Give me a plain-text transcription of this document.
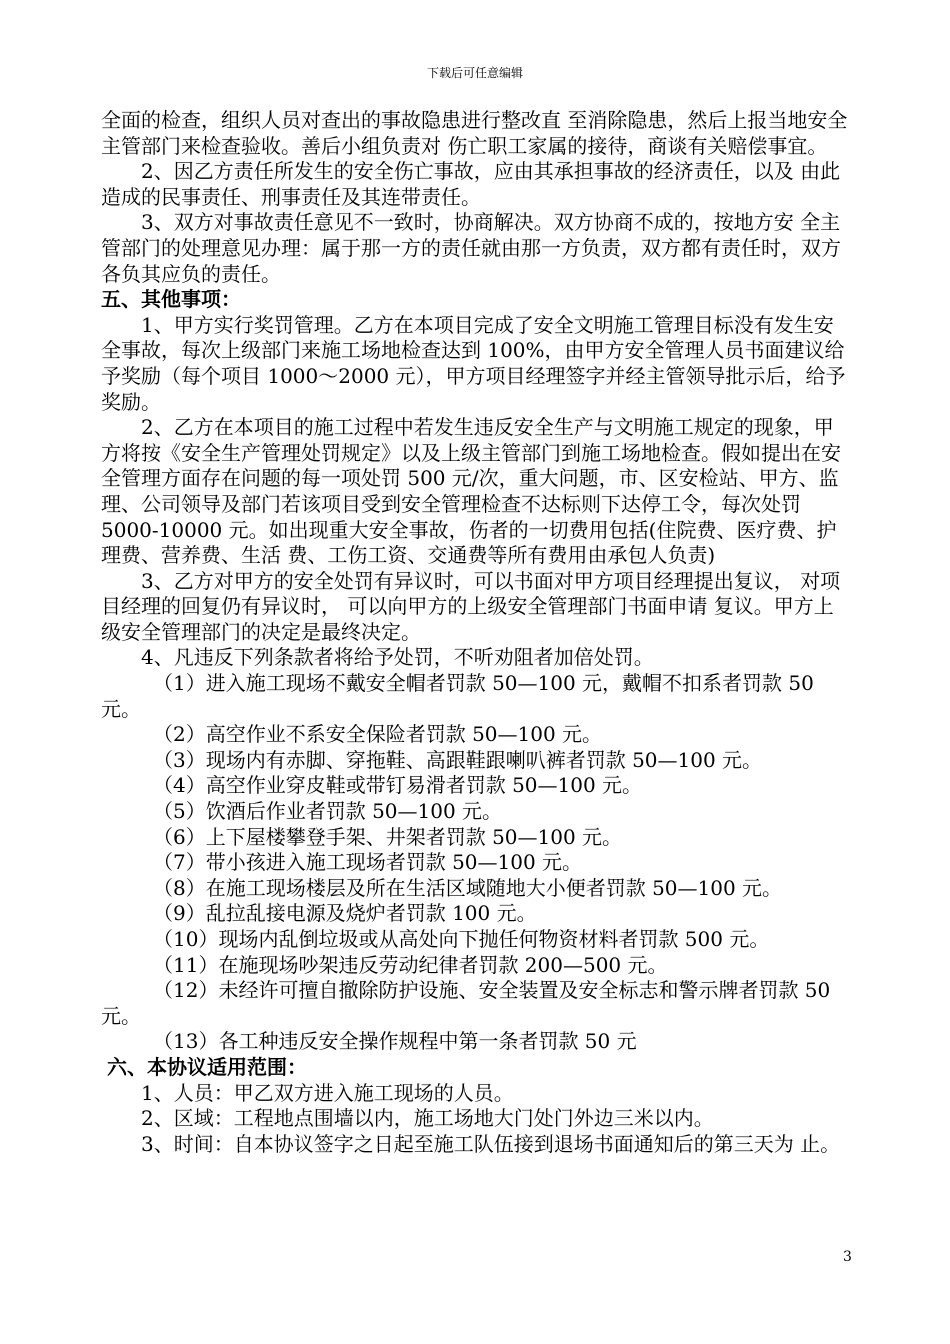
下载后可任意编辑

全面的检查，组织人员对查出的事故隐患进行整改直 至消除隐患，然后上报当地安全主管部门来检查验收。善后小组负责对 伤亡职工家属的接待，商谈有关赔偿事宜。

2、因乙方责任所发生的安全伤亡事故，应由其承担事故的经济责任，以及 由此造成的民事责任、刑事责任及其连带责任。

3、双方对事故责任意见不一致时，协商解决。双方协商不成的，按地方安 全主管部门的处理意见办理：属于那一方的责任就由那一方负责，双方都有责任时，双方各负其应负的责任。

五、其他事项：

1、甲方实行奖罚管理。乙方在本项目完成了安全文明施工管理目标没有发生安全事故，每次上级部门来施工场地检查达到 100%，由甲方安全管理人员书面建议给予奖励（每个项目 1000～2000 元），甲方项目经理签字并经主管领导批示后，给予奖励。

2、乙方在本项目的施工过程中若发生违反安全生产与文明施工规定的现象，甲方将按《安全生产管理处罚规定》以及上级主管部门到施工场地检查。假如提出在安全管理方面存在问题的每一项处罚 500 元/次，重大问题，市、区安检站、甲方、监理、公司领导及部门若该项目受到安全管理检查不达标则下达停工令，每次处罚 5000-10000 元。如出现重大安全事故，伤者的一切费用包括(住院费、医疗费、护理费、营养费、生活 费、工伤工资、交通费等所有费用由承包人负责)

3、乙方对甲方的安全处罚有异议时，可以书面对甲方项目经理提出复议， 对项目经理的回复仍有异议时， 可以向甲方的上级安全管理部门书面申请 复议。甲方上级安全管理部门的决定是最终决定。

4、凡违反下列条款者将给予处罚，不听劝阻者加倍处罚。

（1）进入施工现场不戴安全帽者罚款 50—100 元，戴帽不扣系者罚款 50 元。

（2）高空作业不系安全保险者罚款 50—100 元。

（3）现场内有赤脚、穿拖鞋、高跟鞋跟喇叭裤者罚款 50—100 元。

（4）高空作业穿皮鞋或带钉易滑者罚款 50—100 元。

（5）饮酒后作业者罚款 50—100 元。

（6）上下屋楼攀登手架、井架者罚款 50—100 元。

（7）带小孩进入施工现场者罚款 50—100 元。

（8）在施工现场楼层及所在生活区域随地大小便者罚款 50—100 元。

（9）乱拉乱接电源及烧炉者罚款 100 元。

（10）现场内乱倒垃圾或从高处向下抛任何物资材料者罚款 500 元。

（11）在施现场吵架违反劳动纪律者罚款 200—500 元。

（12）未经许可擅自撤除防护设施、安全装置及安全标志和警示牌者罚款 50 元。

（13）各工种违反安全操作规程中第一条者罚款 50 元

六、本协议适用范围：

1、人员：甲乙双方进入施工现场的人员。

2、区域：工程地点围墙以内，施工场地大门处门外边三米以内。

3、时间：自本协议签字之日起至施工队伍接到退场书面通知后的第三天为 止。

3
